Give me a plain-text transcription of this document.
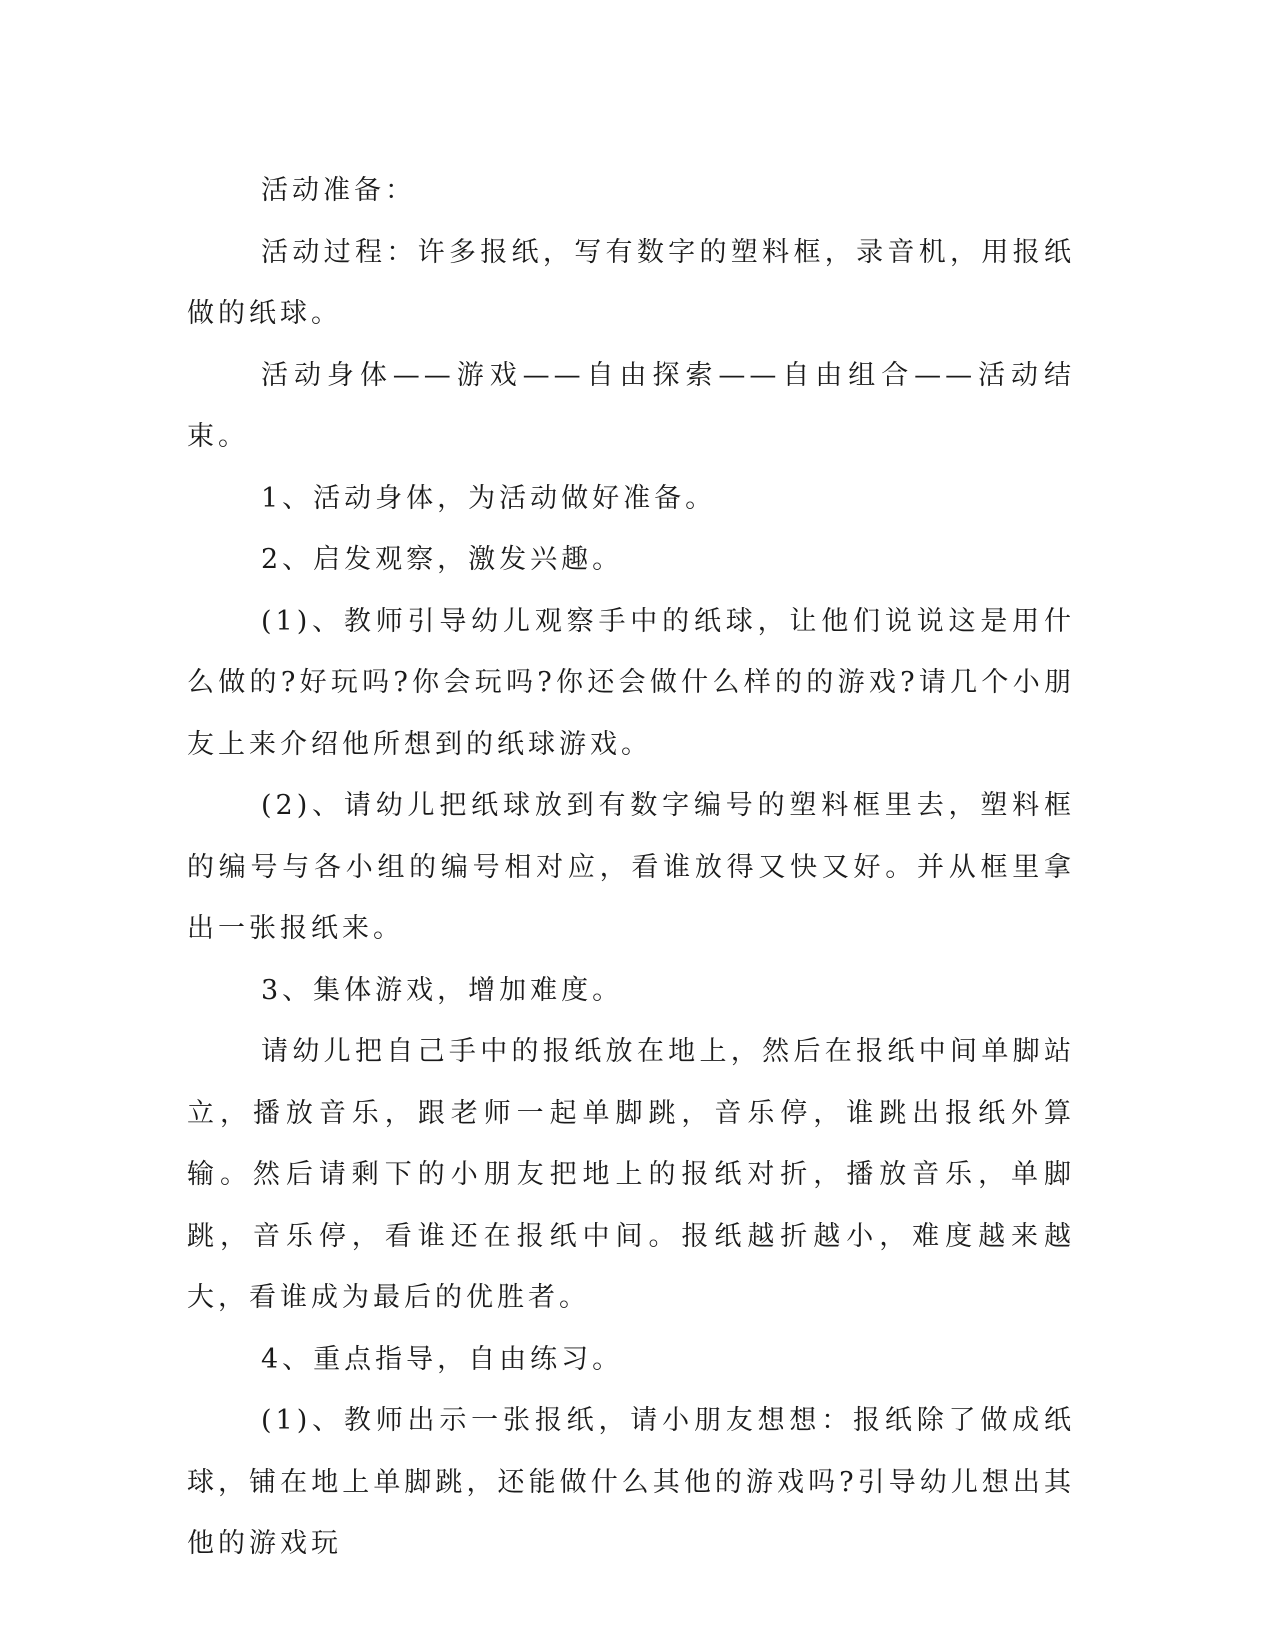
活动准备：

活动过程：许多报纸，写有数字的塑料框，录音机，用报纸做的纸球。

活动身体——游戏——自由探索——自由组合——活动结束。

1、活动身体，为活动做好准备。

2、启发观察，激发兴趣。

(1)、教师引导幼儿观察手中的纸球，让他们说说这是用什么做的?好玩吗?你会玩吗?你还会做什么样的的游戏?请几个小朋友上来介绍他所想到的纸球游戏。

(2)、请幼儿把纸球放到有数字编号的塑料框里去，塑料框的编号与各小组的编号相对应，看谁放得又快又好。并从框里拿出一张报纸来。

3、集体游戏，增加难度。

请幼儿把自己手中的报纸放在地上，然后在报纸中间单脚站立，播放音乐，跟老师一起单脚跳，音乐停，谁跳出报纸外算输。然后请剩下的小朋友把地上的报纸对折，播放音乐，单脚跳，音乐停，看谁还在报纸中间。报纸越折越小，难度越来越大，看谁成为最后的优胜者。

4、重点指导，自由练习。

(1)、教师出示一张报纸，请小朋友想想：报纸除了做成纸球，铺在地上单脚跳，还能做什么其他的游戏吗?引导幼儿想出其他的游戏玩
